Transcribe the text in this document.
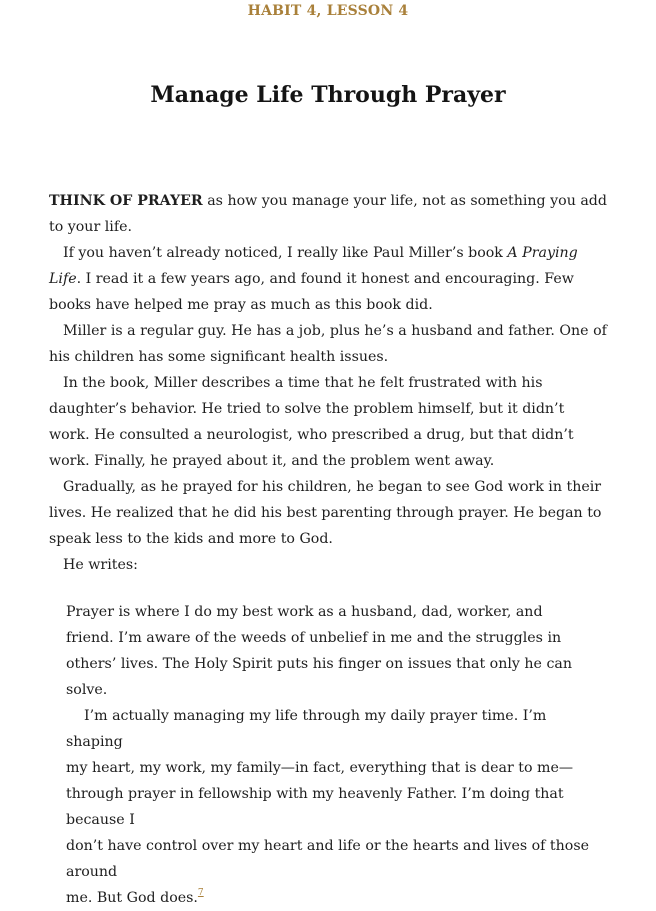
HABIT 4, LESSON 4
Manage Life Through Prayer

THINK OF PRAYER as how you manage your life, not as something you add to your life.

If you haven’t already noticed, I really like Paul Miller’s book A Praying Life. I read it a few years ago, and found it honest and encouraging. Few books have helped me pray as much as this book did.

Miller is a regular guy. He has a job, plus he’s a husband and father. One of his children has some significant health issues.

In the book, Miller describes a time that he felt frustrated with his daughter’s behavior. He tried to solve the problem himself, but it didn’t work. He consulted a neurologist, who prescribed a drug, but that didn’t work. Finally, he prayed about it, and the problem went away.

Gradually, as he prayed for his children, he began to see God work in their lives. He realized that he did his best parenting through prayer. He began to speak less to the kids and more to God.

He writes:

Prayer is where I do my best work as a husband, dad, worker, and friend. I’m aware of the weeds of unbelief in me and the struggles in others’ lives. The Holy Spirit puts his finger on issues that only he can solve.

I’m actually managing my life through my daily prayer time. I’m shaping
my heart, my work, my family—in fact, everything that is dear to me—
through prayer in fellowship with my heavenly Father. I’m doing that because I
don’t have control over my heart and life or the hearts and lives of those around
me. But God does.$^7$
